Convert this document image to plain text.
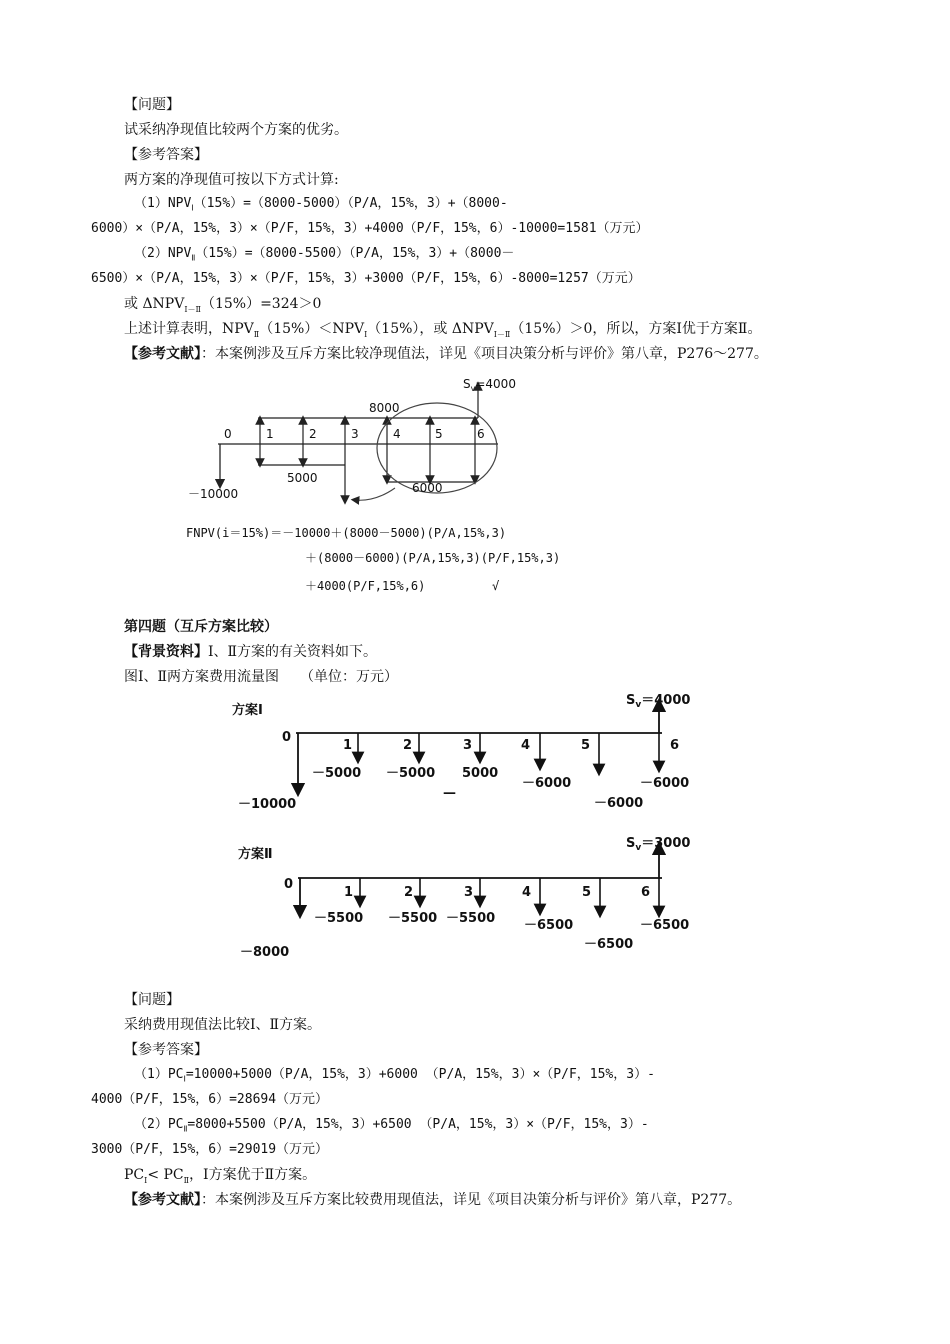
【问题】
试采纳净现值比较两个方案的优劣。
【参考答案】
两方案的净现值可按以下方式计算:
$(1)NPV_Ⅰ(15\%)=(8000-5000)(P/A$，15%，3）+（8000-
6000）×（P/A，15%，3）×（P/F，15%，3）+4000（P/F，15%，6）-10000=1581（万元）
$(2)NPV_Ⅱ(15\%)=(8000-5500)(P/A$，15%，3）+（8000－
6500）×（P/A，15%，3）×（P/F，15%，3）+3000（P/F，15%，6）-8000=1257（万元）
或 $\Delta NPV_{Ⅰ-Ⅱ}(15\%)=324>0$
上述计算表明，$NPV_Ⅱ(15\%)<NPV_Ⅰ(15\%)$，或 $\Delta NPV_{Ⅰ-Ⅱ}(15\%)>0$，所以，方案Ⅰ优于方案Ⅱ。
【参考文献】：本案例涉及互斥方案比较净现值法，详见《项目决策分析与评价》第八章，P276～277。
$S_v=4000$
8000
0	1	2	3	4	5	6
－10000
5000
6000
FNPV(i＝15%)＝－10000＋(8000－5000)(P/A,15%,3)
＋(8000－6000)(P/A,15%,3)(P/F,15%,3)
＋4000(P/F,15%,6)	√
第四题（互斥方案比较）
【背景资料】Ⅰ、Ⅱ方案的有关资料如下。
图Ⅰ、Ⅱ两方案费用流量图　　（单位：万元）
方案Ⅰ
$S_v=4000$
0
1	2	3	4	5	6
－10000
－5000 －5000 5000
－6000
－6000
－6000
—
方案Ⅱ
$S_v=3000$
0
1	2	3	4	5	6
－8000
－5500 －5500 －5500 －6500
－6500
－6500
【问题】
采纳费用现值法比较Ⅰ、Ⅱ方案。
【参考答案】
$(1)PC_Ⅰ=10000+5000(P/A$，15%，3）+6000 （P/A，15%，3）×（P/F，15%，3）-
4000（P/F，15%，6）=28694（万元）
$(2)PC_Ⅱ=8000+5500(P/A$，15%，3）+6500 （P/A，15%，3）×（P/F，15%，3）-
3000（P/F，15%，6）=29019（万元）
$PC_Ⅰ< PC_Ⅱ$，Ⅰ方案优于Ⅱ方案。
【参考文献】：本案例涉及互斥方案比较费用现值法，详见《项目决策分析与评价》第八章，P277。
